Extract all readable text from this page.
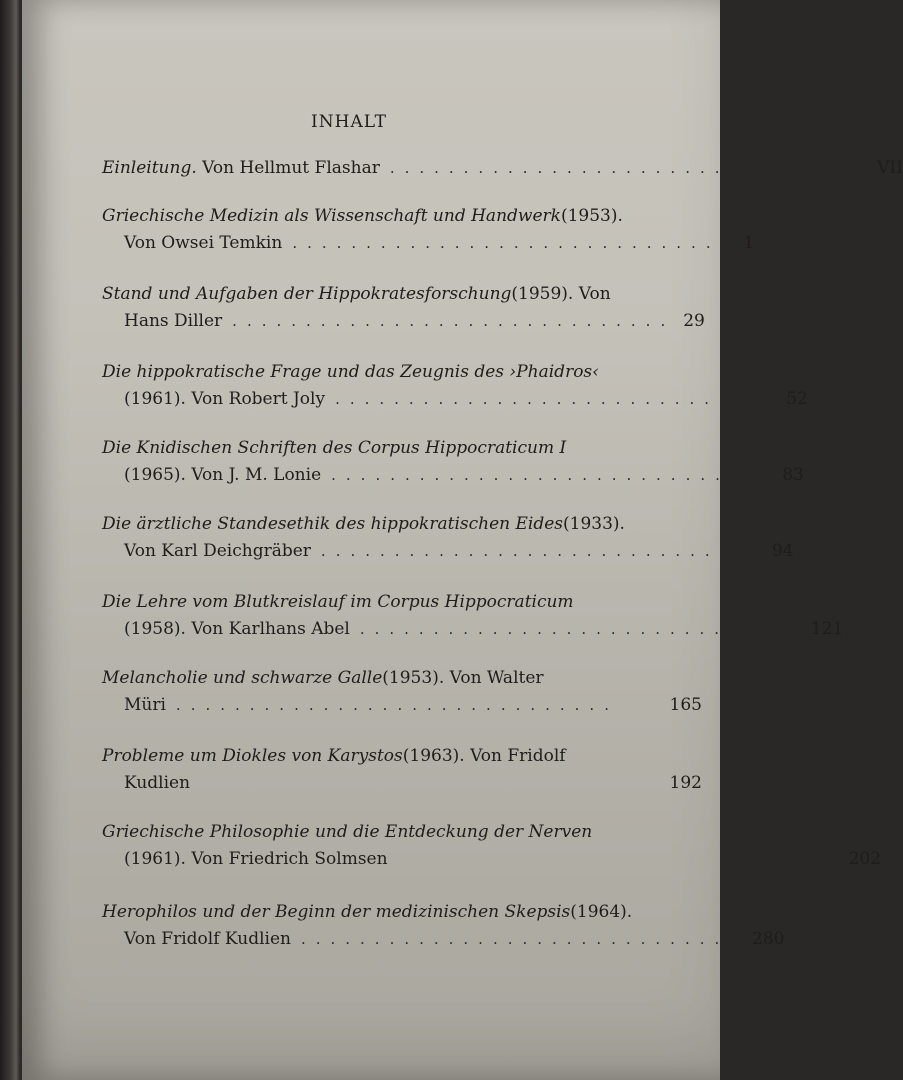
INHALT
Einleitung.
Von Hellmut Flashar ..............................	VII
Griechische Medizin als Wissenschaft und Handwerk (1953).
Von Owsei Temkin .............................. 1
Stand und Aufgaben der Hippokratesforschung (1959). Von
Hans Diller .............................. 29
Die hippokratische Frage und das Zeugnis des ›Phaidros‹
(1961). Von Robert Joly .............................. 52
Die Knidischen Schriften des Corpus Hippocraticum I
(1965). Von J. M. Lonie .............................. 83
Die ärztliche Standesethik des hippokratischen Eides (1933).
Von Karl Deichgräber .............................. 94
Die Lehre vom Blutkreislauf im Corpus Hippocraticum
(1958). Von Karlhans Abel .............................. 121
Melancholie und schwarze Galle (1953). Von Walter
Müri ..............................	165
Probleme um Diokles von Karystos (1963). Von Fridolf
Kudlien	192
Griechische Philosophie und die Entdeckung der Nerven
(1961). Von Friedrich Solmsen	202
Herophilos und der Beginn der medizinischen Skepsis (1964).
Von Fridolf Kudlien .............................. 280
